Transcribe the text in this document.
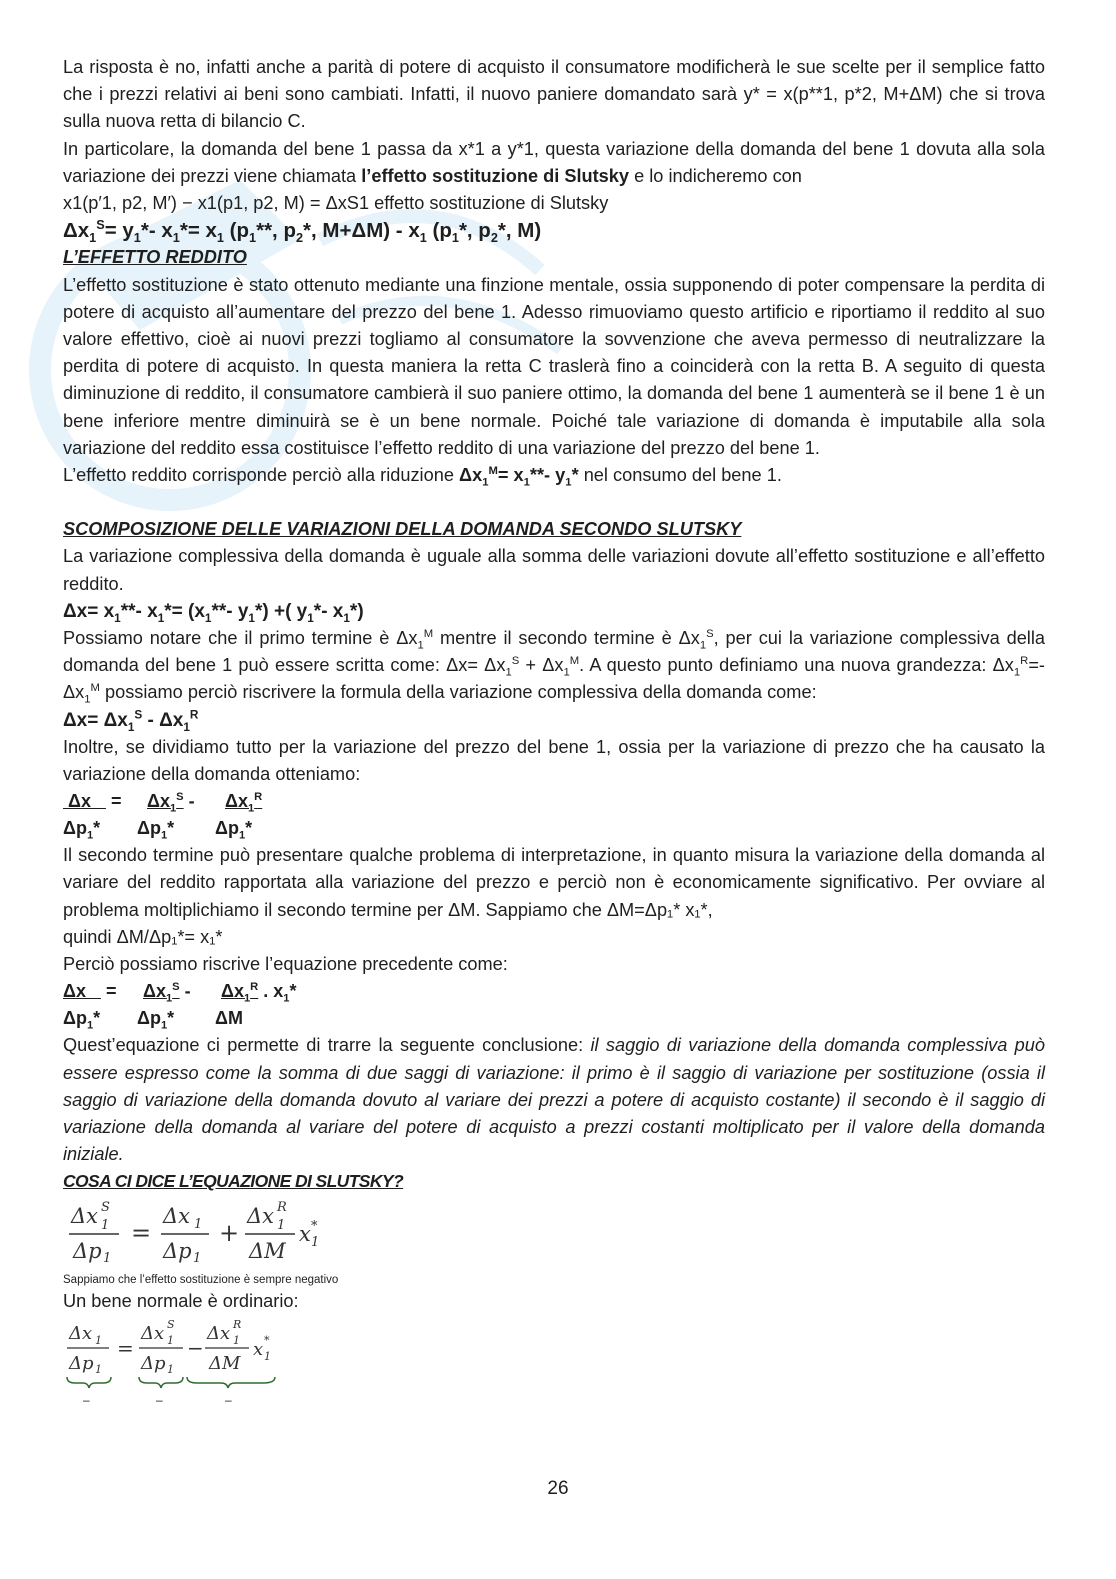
La risposta è no, infatti anche a parità di potere di acquisto il consumatore modificherà le sue scelte per il semplice fatto che i prezzi relativi ai beni sono cambiati. Infatti, il nuovo paniere domandato sarà y* = x(p**1, p*2, M+ΔM) che si trova sulla nuova retta di bilancio C.

In particolare, la domanda del bene 1 passa da x*1 a y*1, questa variazione della domanda del bene 1 dovuta alla sola variazione dei prezzi viene chiamata l’effetto sostituzione di Slutsky e lo indicheremo con

x1(p′1, p2, M′) − x1(p1, p2, M) = ΔxS1 effetto sostituzione di Slutsky

$\Delta x_1^S= y_1*-$ $x_1*= x_1$ ($p_1**$, $p_2*$, $M+\Delta M) - x_1$ ($p_1*$, $p_2*$, M)

L’EFFETTO REDDITO

L’effetto sostituzione è stato ottenuto mediante una finzione mentale, ossia supponendo di poter compensare la perdita di potere di acquisto all’aumentare del prezzo del bene 1. Adesso rimuoviamo questo artificio e riportiamo il reddito al suo valore effettivo, cioè ai nuovi prezzi togliamo al consumatore la sovvenzione che aveva permesso di neutralizzare la perdita di potere di acquisto. In questa maniera la retta C traslerà fino a coinciderà con la retta B. A seguito di questa diminuzione di reddito, il consumatore cambierà il suo paniere ottimo, la domanda del bene 1 aumenterà se il bene 1 è un bene inferiore mentre diminuirà se è un bene normale. Poiché tale variazione di domanda è imputabile alla sola variazione del reddito essa costituisce l’effetto reddito di una variazione del prezzo del bene 1.

L’effetto reddito corrisponde perciò alla riduzione $\Delta x_1^M= x_1**-$ $y_1*$ nel consumo del bene 1.

SCOMPOSIZIONE DELLE VARIAZIONI DELLA DOMANDA SECONDO SLUTSKY

La variazione complessiva della domanda è uguale alla somma delle variazioni dovute all’effetto sostituzione e all’effetto reddito.

$\Delta x= x_1**-$ $x_1*= (x_1**-$ $y_1*$) +( $y_1*-$ $x_1*$)

Possiamo notare che il primo termine è $\Delta x_1^M$ mentre il secondo termine è $\Delta x_1^S$, per cui la variazione complessiva della domanda del bene 1 può essere scritta come: $\Delta x= \Delta x_1^S + \Delta x_1^M$. A questo punto definiamo una nuova grandezza: $\Delta x_1^R=-$ $\Delta x_1^M$ possiamo perciò riscrivere la formula della variazione complessiva della domanda come:

$\Delta x= \Delta x_1^S - \Delta x_1^R$

Inoltre, se dividiamo tutto per la variazione del prezzo del bene 1, ossia per la variazione di prezzo che ha causato la variazione della domanda otteniamo:

Δx    =	$\Delta x_1^S$ -	$\Delta x_1^R$
$\Delta p_1*$	$\Delta p_1*$	$\Delta p_1*$

Il secondo termine può presentare qualche problema di interpretazione, in quanto misura la variazione della domanda al variare del reddito rapportata alla variazione del prezzo e perciò non è economicamente significativo. Per ovviare al problema moltiplichiamo il secondo termine per ΔM. Sappiamo che ΔM=Δp₁* x₁*,

quindi ΔM/Δp₁*= x₁*

Perciò possiamo riscrive l’equazione precedente come:

Δx    =	$\Delta x_1^S$ -	$\Delta x_1^R$ . $x_1*$
$\Delta p_1*$	$\Delta p_1*$	ΔM

Quest’equazione ci permette di trarre la seguente conclusione: il saggio di variazione della domanda complessiva può essere espresso come la somma di due saggi di variazione: il primo è il saggio di variazione per sostituzione (ossia il saggio di variazione della domanda dovuto al variare dei prezzi a potere di acquisto costante) il secondo è il saggio di variazione della domanda al variare del potere di acquisto a prezzi costanti moltiplicato per il valore della domanda iniziale.

COSA CI DICE L’EQUAZIONE DI SLUTSKY?

Δx 1
S
Δp 1
=
Δx 1
Δp 1
+
Δx 1
R
ΔM
x 1
*

Sappiamo che l’effetto sostituzione è sempre negativo

Un bene normale è ordinario:

Δx 1
Δp 1
=
Δx 1
S
Δp 1
−
Δx 1
R
ΔM
x 1
*
–	–	–
26
